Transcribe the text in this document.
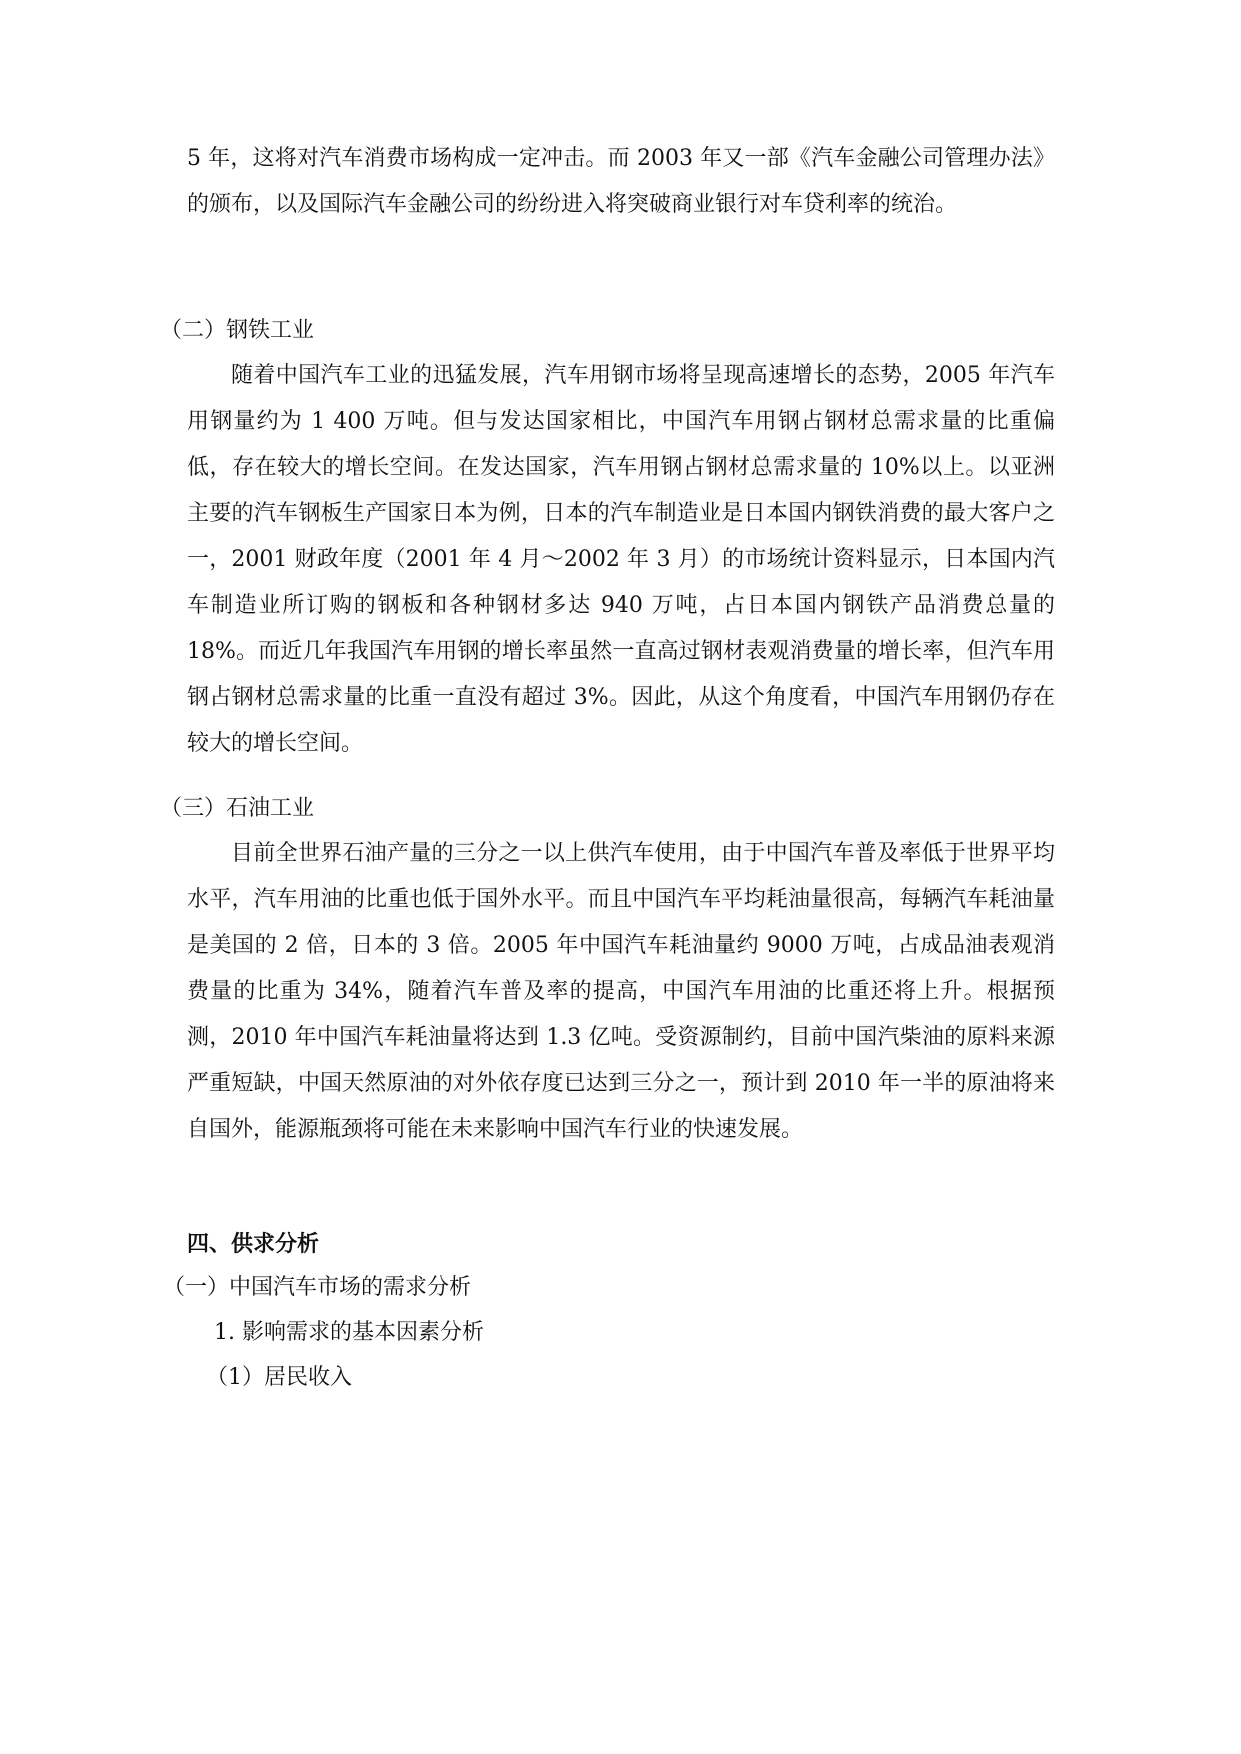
5 年，这将对汽车消费市场构成一定冲击。而 2003 年又一部《汽车金融公司管理办法》的颁布，以及国际汽车金融公司的纷纷进入将突破商业银行对车贷利率的统治。

（二）钢铁工业

随着中国汽车工业的迅猛发展，汽车用钢市场将呈现高速增长的态势，2005 年汽车用钢量约为 1 400 万吨。但与发达国家相比，中国汽车用钢占钢材总需求量的比重偏低，存在较大的增长空间。在发达国家，汽车用钢占钢材总需求量的 10%以上。以亚洲主要的汽车钢板生产国家日本为例，日本的汽车制造业是日本国内钢铁消费的最大客户之一，2001 财政年度（2001 年 4 月～2002 年 3 月）的市场统计资料显示，日本国内汽车制造业所订购的钢板和各种钢材多达 940 万吨，占日本国内钢铁产品消费总量的 18%。而近几年我国汽车用钢的增长率虽然一直高过钢材表观消费量的增长率，但汽车用钢占钢材总需求量的比重一直没有超过 3%。因此，从这个角度看，中国汽车用钢仍存在较大的增长空间。

（三）石油工业

目前全世界石油产量的三分之一以上供汽车使用，由于中国汽车普及率低于世界平均水平，汽车用油的比重也低于国外水平。而且中国汽车平均耗油量很高，每辆汽车耗油量是美国的 2 倍，日本的 3 倍。2005 年中国汽车耗油量约 9000 万吨，占成品油表观消费量的比重为 34%，随着汽车普及率的提高，中国汽车用油的比重还将上升。根据预测，2010 年中国汽车耗油量将达到 1.3 亿吨。受资源制约，目前中国汽柴油的原料来源严重短缺，中国天然原油的对外依存度已达到三分之一，预计到 2010 年一半的原油将来自国外，能源瓶颈将可能在未来影响中国汽车行业的快速发展。

四、供求分析

（一）中国汽车市场的需求分析

1. 影响需求的基本因素分析

（1）居民收入
